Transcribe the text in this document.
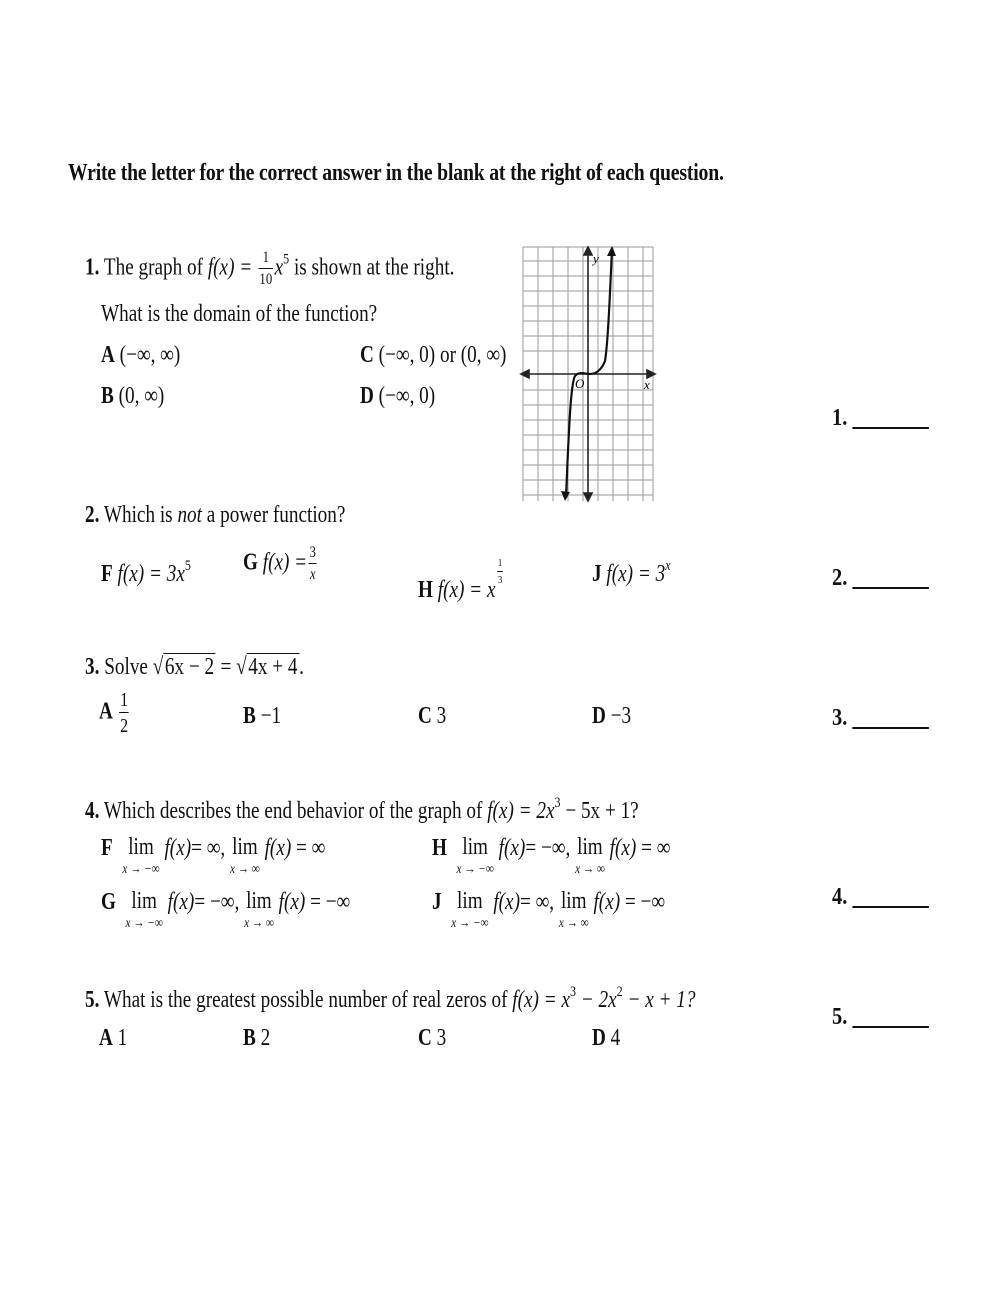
Write the letter for the correct answer in the blank at the right of each question.
1. The graph of $f(x) = \frac{1}{10} x^5$ is shown at the right.
What is the domain of the function?
A (−∞, ∞)
B (0, ∞)
C (−∞, 0) or (0, ∞)
D (−∞, 0)
y
x
O
2. Which is not a power function?
F $f(x) = 3x^5$ G $f(x) = \frac{3}{x}$
H f(x) = x
$\frac{1}{3}$	J $f(x) = 3^x$
3. Solve √6x − 2 = √4x + 4.
A $\frac{1}{2}$	B −1	C 3	D −3
4. Which describes the end behavior of the graph of $f(x) = 2x^3 - 5x + 1$?
F lim
x → −∞
f(x)= ∞, lim
x → ∞
f(x) = ∞
G lim
x → −∞
f(x)= −∞, lim
x → ∞
f(x) = −∞
H lim
x → −∞
f(x)= −∞, lim
x → ∞
f(x) = ∞
J lim
x → −∞
f(x)= ∞, lim
x → ∞
f(x) = −∞
5. What is the greatest possible number of real zeros of $f(x) = x^3 - 2x^2 - x + 1$?
A 1	B 2	C 3	D 4
1.
2.
3.
4.
5.
